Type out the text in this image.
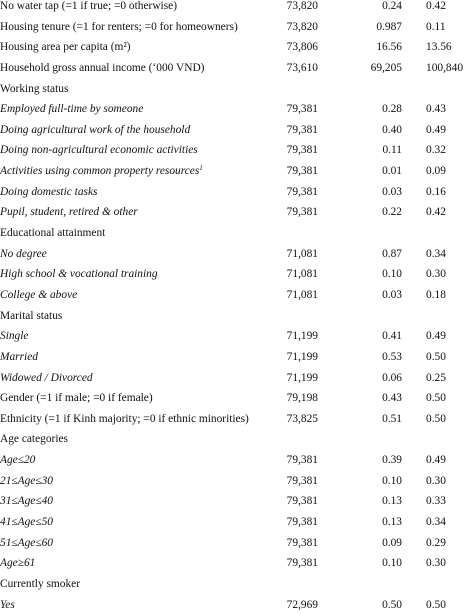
No water tap (=1 if true; =0 otherwise)	73,820	0.24 0.42
Housing tenure (=1 for renters; =0 for homeowners)	73,820	0.987 0.11
Housing area per capita (m²)	73,806	16.56 13.56
Household gross annual income (‘000 VND)	73,610	69,205 100,840
Working status
Employed full-time by someone	79,381	0.28 0.43
Doing agricultural work of the household	79,381	0.40 0.49
Doing non-agricultural economic activities	79,381	0.11 0.32
Activities using common property resources$^1$	79,381	0.01 0.09
Doing domestic tasks	79,381	0.03 0.16
Pupil, student, retired & other	79,381	0.22 0.42
Educational attainment
No degree	71,081	0.87 0.34
High school & vocational training	71,081	0.10 0.30
College & above	71,081	0.03 0.18
Marital status
Single	71,199	0.41 0.49
Married	71,199	0.53 0.50
Widowed / Divorced	71,199	0.06 0.25
Gender (=1 if male; =0 if female)	79,198	0.43 0.50
Ethnicity (=1 if Kinh majority; =0 if ethnic minorities)	73,825	0.51 0.50
Age categories
Age≤20	79,381	0.39 0.49
21≤Age≤30	79,381	0.10 0.30
31≤Age≤40	79,381	0.13 0.33
41≤Age≤50	79,381	0.13 0.34
51≤Age≤60	79,381	0.09 0.29
Age≥61	79,381	0.10 0.30
Currently smoker
Yes	72,969	0.50 0.50
